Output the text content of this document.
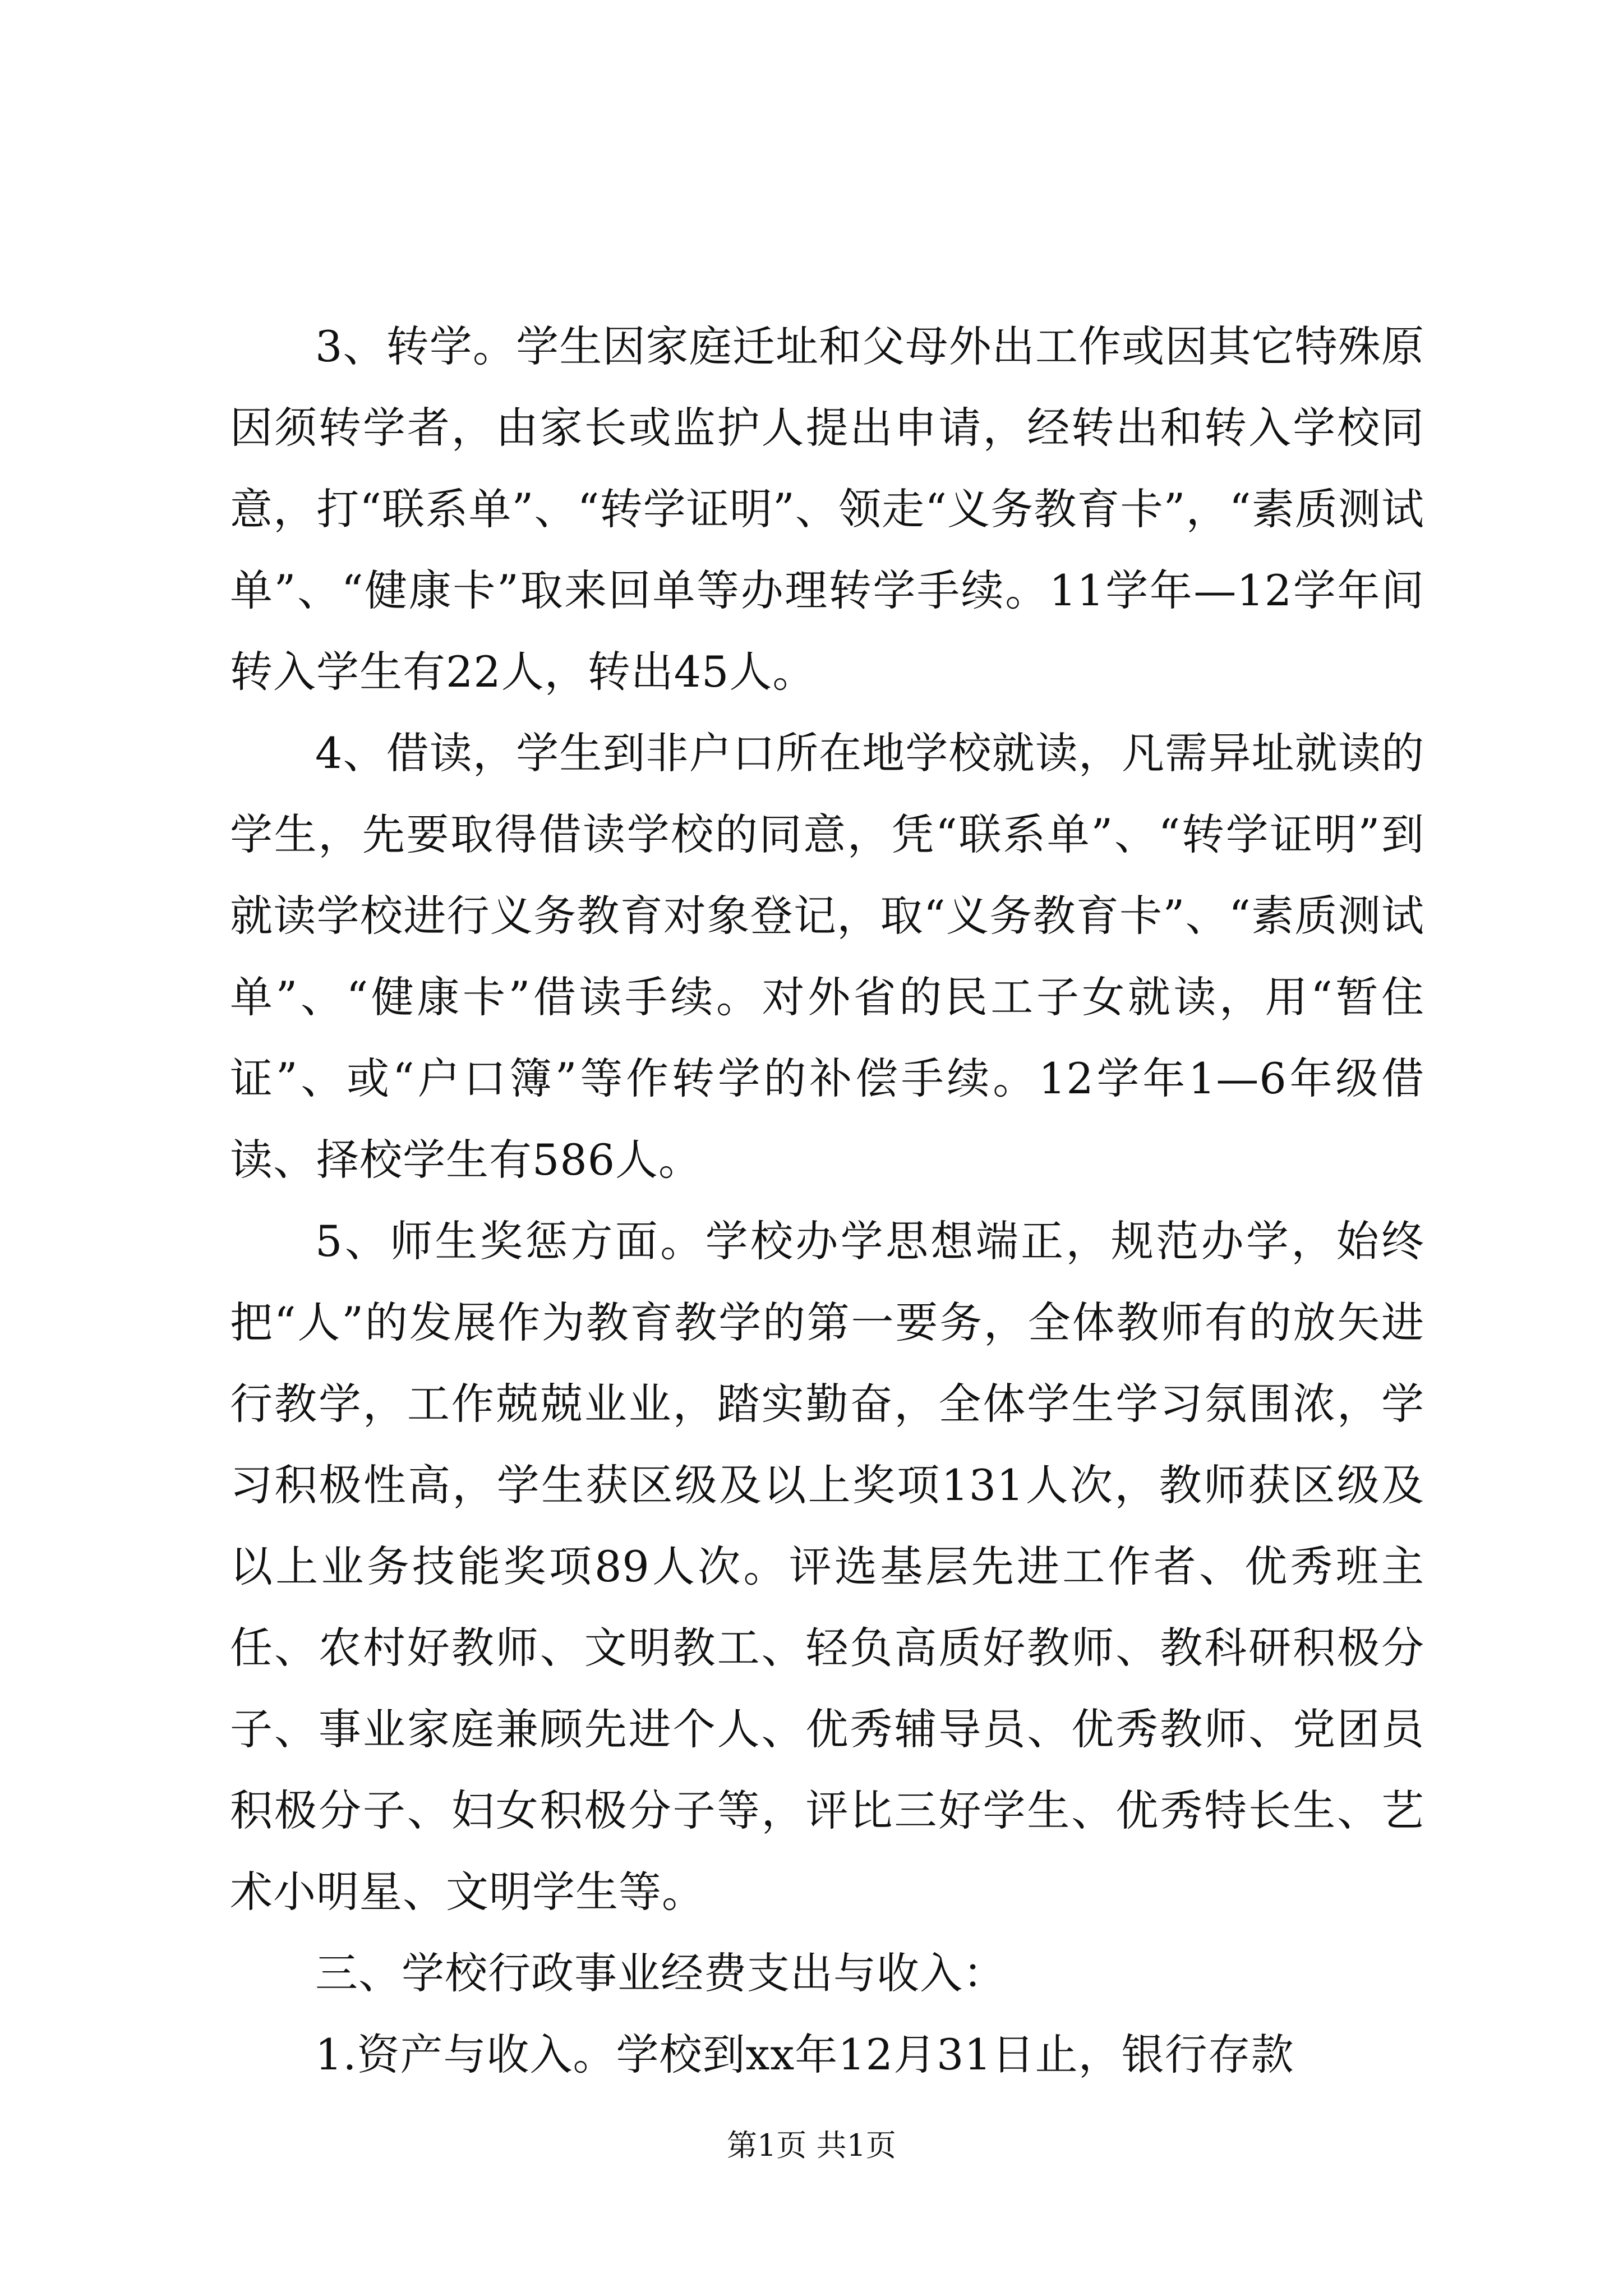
3、转学。学生因家庭迁址和父母外出工作或因其它特殊原因须转学者，由家长或监护人提出申请，经转出和转入学校同意，打“联系单”、“转学证明”、领走“义务教育卡”，“素质测试单”、“健康卡”取来回单等办理转学手续。11学年—12学年间转入学生有22人，转出45人。

4、借读，学生到非户口所在地学校就读，凡需异址就读的学生，先要取得借读学校的同意，凭“联系单”、“转学证明”到就读学校进行义务教育对象登记，取“义务教育卡”、“素质测试单”、“健康卡”借读手续。对外省的民工子女就读，用“暂住证”、或“户口簿”等作转学的补偿手续。12学年1—6年级借读、择校学生有586人。

5、师生奖惩方面。学校办学思想端正，规范办学，始终把“人”的发展作为教育教学的第一要务，全体教师有的放矢进行教学，工作兢兢业业，踏实勤奋，全体学生学习氛围浓，学习积极性高，学生获区级及以上奖项131人次，教师获区级及以上业务技能奖项89人次。评选基层先进工作者、优秀班主任、农村好教师、文明教工、轻负高质好教师、教科研积极分子、事业家庭兼顾先进个人、优秀辅导员、优秀教师、党团员积极分子、妇女积极分子等，评比三好学生、优秀特长生、艺术小明星、文明学生等。

三、学校行政事业经费支出与收入：

1.资产与收入。学校到xx年12月31日止，银行存款

第1页 共1页
